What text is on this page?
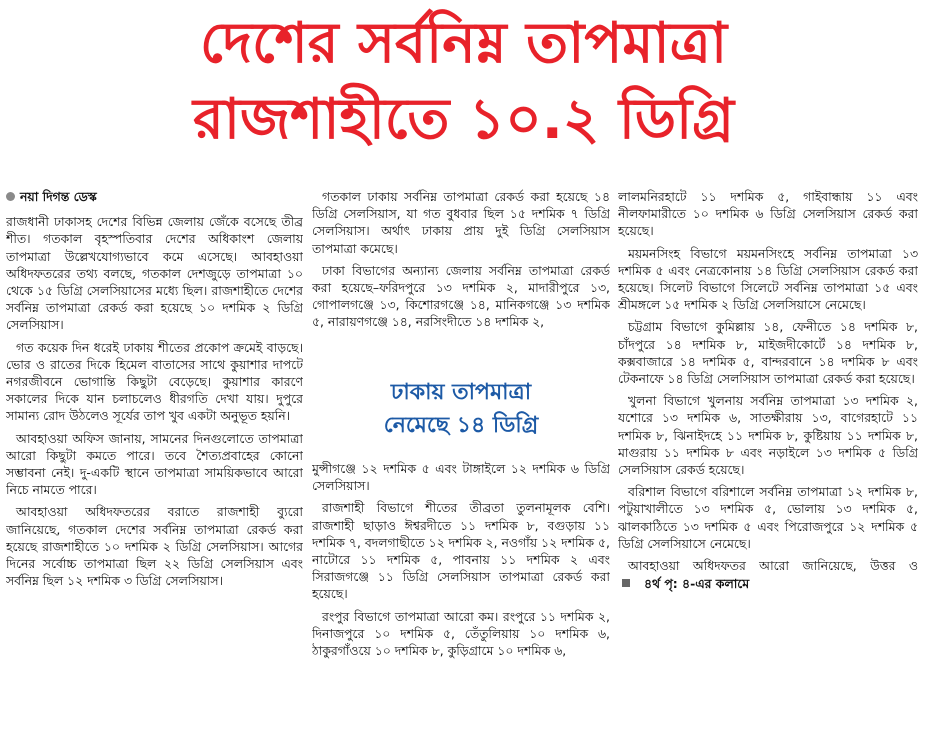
দেশের সর্বনিম্ন তাপমাত্রা
রাজশাহীতে ১০.২ ডিগ্রি
নয়া দিগন্ত ডেস্ক

রাজধানী ঢাকাসহ দেশের বিভিন্ন জেলায় জেঁকে বসেছে তীব্র শীত। গতকাল বৃহস্পতিবার দেশের অধিকাংশ জেলায় তাপমাত্রা উল্লেখযোগ্যভাবে কমে এসেছে। আবহাওয়া অধিদফতরের তথ্য বলছে, গতকাল দেশজুড়ে তাপমাত্রা ১০ থেকে ১৫ ডিগ্রি সেলসিয়াসের মধ্যে ছিল। রাজশাহীতে দেশের সর্বনিম্ন তাপমাত্রা রেকর্ড করা হয়েছে ১০ দশমিক ২ ডিগ্রি সেলসিয়াস।

গত কয়েক দিন ধরেই ঢাকায় শীতের প্রকোপ ক্রমেই বাড়ছে। ভোর ও রাতের দিকে হিমেল বাতাসের সাথে কুয়াশার দাপটে নগরজীবনে ভোগান্তি কিছুটা বেড়েছে। কুয়াশার কারণে সকালের দিকে যান চলাচলেও ধীরগতি দেখা যায়। দুপুরে সামান্য রোদ উঠলেও সূর্যের তাপ খুব একটা অনুভূত হয়নি।

আবহাওয়া অফিস জানায়, সামনের দিনগুলোতে তাপমাত্রা আরো কিছুটা কমতে পারে। তবে শৈত্যপ্রবাহের কোনো সম্ভাবনা নেই। দু-একটি স্থানে তাপমাত্রা সাময়িকভাবে আরো নিচে নামতে পারে।

আবহাওয়া অধিদফতরের বরাতে রাজশাহী ব্যুরো জানিয়েছে, গতকাল দেশের সর্বনিম্ন তাপমাত্রা রেকর্ড করা হয়েছে রাজশাহীতে ১০ দশমিক ২ ডিগ্রি সেলসিয়াস। আগের দিনের সর্বোচ্চ তাপমাত্রা ছিল ২২ ডিগ্রি সেলসিয়াস এবং সর্বনিম্ন ছিল ১২ দশমিক ৩ ডিগ্রি সেলসিয়াস।

গতকাল ঢাকায় সর্বনিম্ন তাপমাত্রা রেকর্ড করা হয়েছে ১৪ ডিগ্রি সেলসিয়াস, যা গত বুধবার ছিল ১৫ দশমিক ৭ ডিগ্রি সেলসিয়াস। অর্থাৎ ঢাকায় প্রায় দুই ডিগ্রি সেলসিয়াস তাপমাত্রা কমেছে।

ঢাকা বিভাগের অন্যান্য জেলায় সর্বনিম্ন তাপমাত্রা রেকর্ড করা হয়েছে–ফরিদপুরে ১৩ দশমিক ২, মাদারীপুরে ১৩, গোপালগঞ্জে ১৩, কিশোরগঞ্জে ১৪, মানিকগঞ্জে ১৩ দশমিক ৫, নারায়ণগঞ্জে ১৪, নরসিংদীতে ১৪ দশমিক ২,

ঢাকায় তাপমাত্রা
নেমেছে ১৪ ডিগ্রি

মুন্সীগঞ্জে ১২ দশমিক ৫ এবং টাঙ্গাইলে ১২ দশমিক ৬ ডিগ্রি সেলসিয়াস।

রাজশাহী বিভাগে শীতের তীব্রতা তুলনামূলক বেশি। রাজশাহী ছাড়াও ঈশ্বরদীতে ১১ দশমিক ৮, বগুড়ায় ১১ দশমিক ৭, বদলগাছীতে ১২ দশমিক ২, নওগাঁয় ১২ দশমিক ৫, নাটোরে ১১ দশমিক ৫, পাবনায় ১১ দশমিক ২ এবং সিরাজগঞ্জে ১১ ডিগ্রি সেলসিয়াস তাপমাত্রা রেকর্ড করা হয়েছে।

রংপুর বিভাগে তাপমাত্রা আরো কম। রংপুরে ১১ দশমিক ২, দিনাজপুরে ১০ দশমিক ৫, তেঁতুলিয়ায় ১০ দশমিক ৬, ঠাকুরগাঁওয়ে ১০ দশমিক ৮, কুড়িগ্রামে ১০ দশমিক ৬,

লালমনিরহাটে ১১ দশমিক ৫, গাইবান্ধায় ১১ এবং নীলফামারীতে ১০ দশমিক ৬ ডিগ্রি সেলসিয়াস রেকর্ড করা হয়েছে।

ময়মনসিংহ বিভাগে ময়মনসিংহে সর্বনিম্ন তাপমাত্রা ১৩ দশমিক ৫ এবং নেত্রকোনায় ১৪ ডিগ্রি সেলসিয়াস রেকর্ড করা হয়েছে। সিলেট বিভাগে সিলেটে সর্বনিম্ন তাপমাত্রা ১৫ এবং শ্রীমঙ্গলে ১৫ দশমিক ২ ডিগ্রি সেলসিয়াসে নেমেছে।

চট্টগ্রাম বিভাগে কুমিল্লায় ১৪, ফেনীতে ১৪ দশমিক ৮, চাঁদপুরে ১৪ দশমিক ৮, মাইজদীকোর্টে ১৪ দশমিক ৮, কক্সবাজারে ১৪ দশমিক ৫, বান্দরবানে ১৪ দশমিক ৮ এবং টেকনাফে ১৪ ডিগ্রি সেলসিয়াস তাপমাত্রা রেকর্ড করা হয়েছে।

খুলনা বিভাগে খুলনায় সর্বনিম্ন তাপমাত্রা ১৩ দশমিক ২, যশোরে ১৩ দশমিক ৬, সাতক্ষীরায় ১৩, বাগেরহাটে ১১ দশমিক ৮, ঝিনাইদহে ১১ দশমিক ৮, কুষ্টিয়ায় ১১ দশমিক ৮, মাগুরায় ১১ দশমিক ৮ এবং নড়াইলে ১৩ দশমিক ৫ ডিগ্রি সেলসিয়াস রেকর্ড হয়েছে।

বরিশাল বিভাগে বরিশালে সর্বনিম্ন তাপমাত্রা ১২ দশমিক ৮, পটুয়াখালীতে ১৩ দশমিক ৫, ভোলায় ১৩ দশমিক ৫, ঝালকাঠিতে ১৩ দশমিক ৫ এবং পিরোজপুরে ১২ দশমিক ৫ ডিগ্রি সেলসিয়াসে নেমেছে।

আবহাওয়া অধিদফতর আরো জানিয়েছে, উত্তর ও
৪র্থ পৃ: ৪-এর কলামে
